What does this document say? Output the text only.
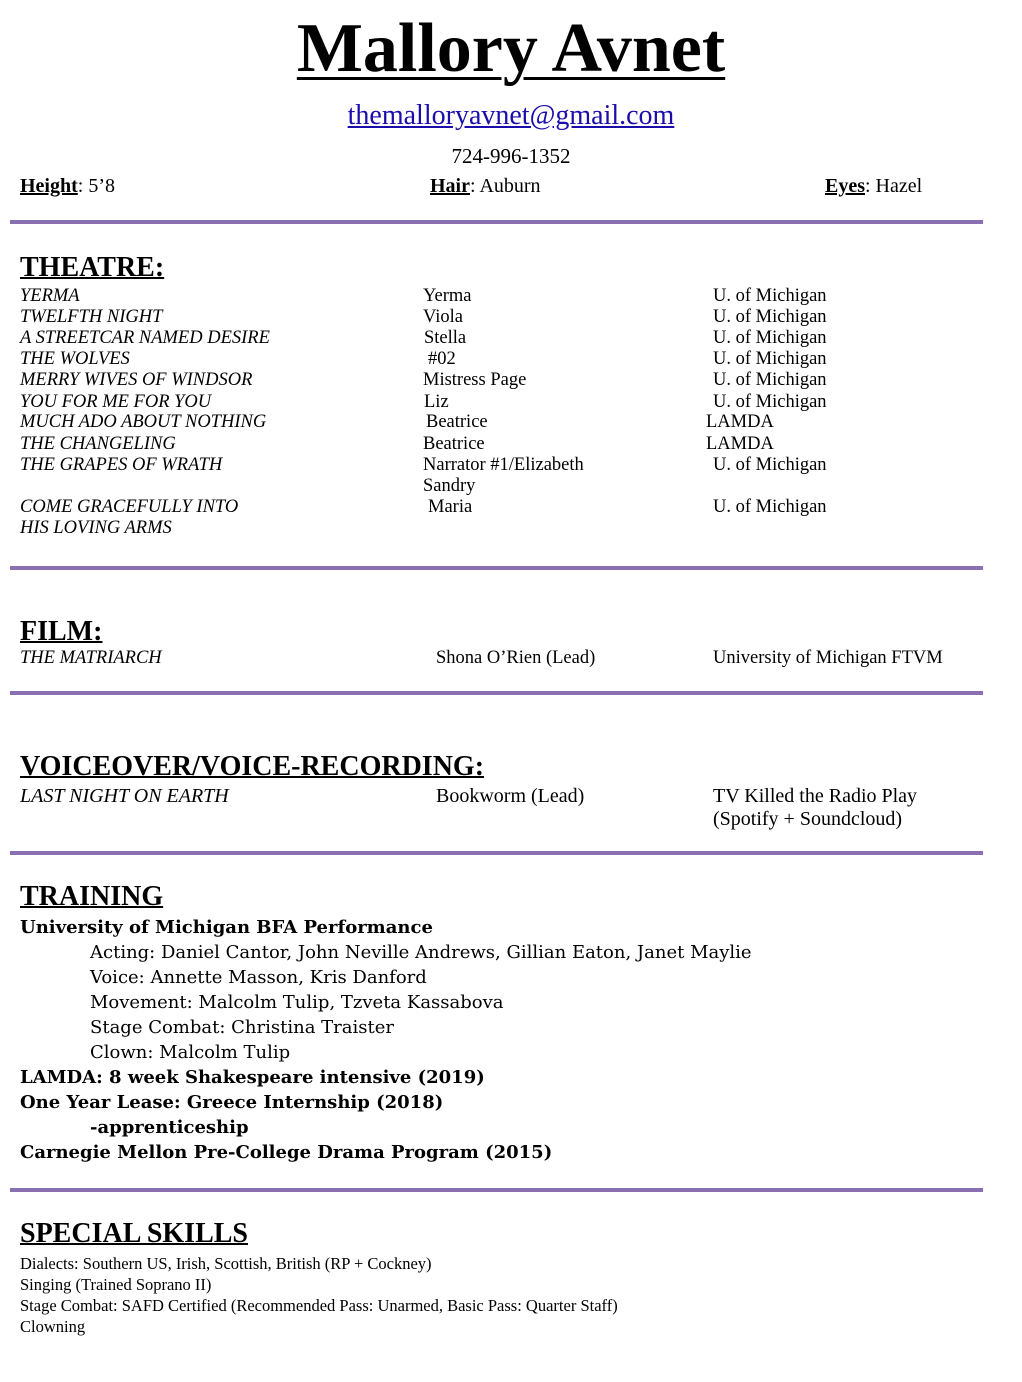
Mallory Avnet
themalloryavnet@gmail.com
724-996-1352
Height: 5’8	Hair: Auburn	Eyes: Hazel
THEATRE:
YERMA	Yerma	U. of Michigan
TWELFTH NIGHT	Viola	U. of Michigan
A STREETCAR NAMED DESIRE	Stella	U. of Michigan
THE WOLVES	#02	U. of Michigan
MERRY WIVES OF WINDSOR	Mistress Page	U. of Michigan
YOU FOR ME FOR YOU	Liz	U. of Michigan
MUCH ADO ABOUT NOTHING	Beatrice	LAMDA
THE CHANGELING	Beatrice	LAMDA
THE GRAPES OF WRATH	Narrator #1/Elizabeth	U. of Michigan
Sandry
COME GRACEFULLY INTO	Maria	U. of Michigan
HIS LOVING ARMS
FILM:
THE MATRIARCH	Shona O’Rien (Lead)	University of Michigan FTVM
VOICEOVER/VOICE-RECORDING:
LAST NIGHT ON EARTH	Bookworm (Lead)	TV Killed the Radio Play
(Spotify + Soundcloud)
TRAINING
University of Michigan BFA Performance
Acting: Daniel Cantor, John Neville Andrews, Gillian Eaton, Janet Maylie
Voice: Annette Masson, Kris Danford
Movement: Malcolm Tulip, Tzveta Kassabova
Stage Combat: Christina Traister
Clown: Malcolm Tulip
LAMDA: 8 week Shakespeare intensive (2019)
One Year Lease: Greece Internship (2018)
-apprenticeship
Carnegie Mellon Pre-College Drama Program (2015)
SPECIAL SKILLS
Dialects: Southern US, Irish, Scottish, British (RP + Cockney)
Singing (Trained Soprano II)
Stage Combat: SAFD Certified (Recommended Pass: Unarmed, Basic Pass: Quarter Staff)
Clowning
